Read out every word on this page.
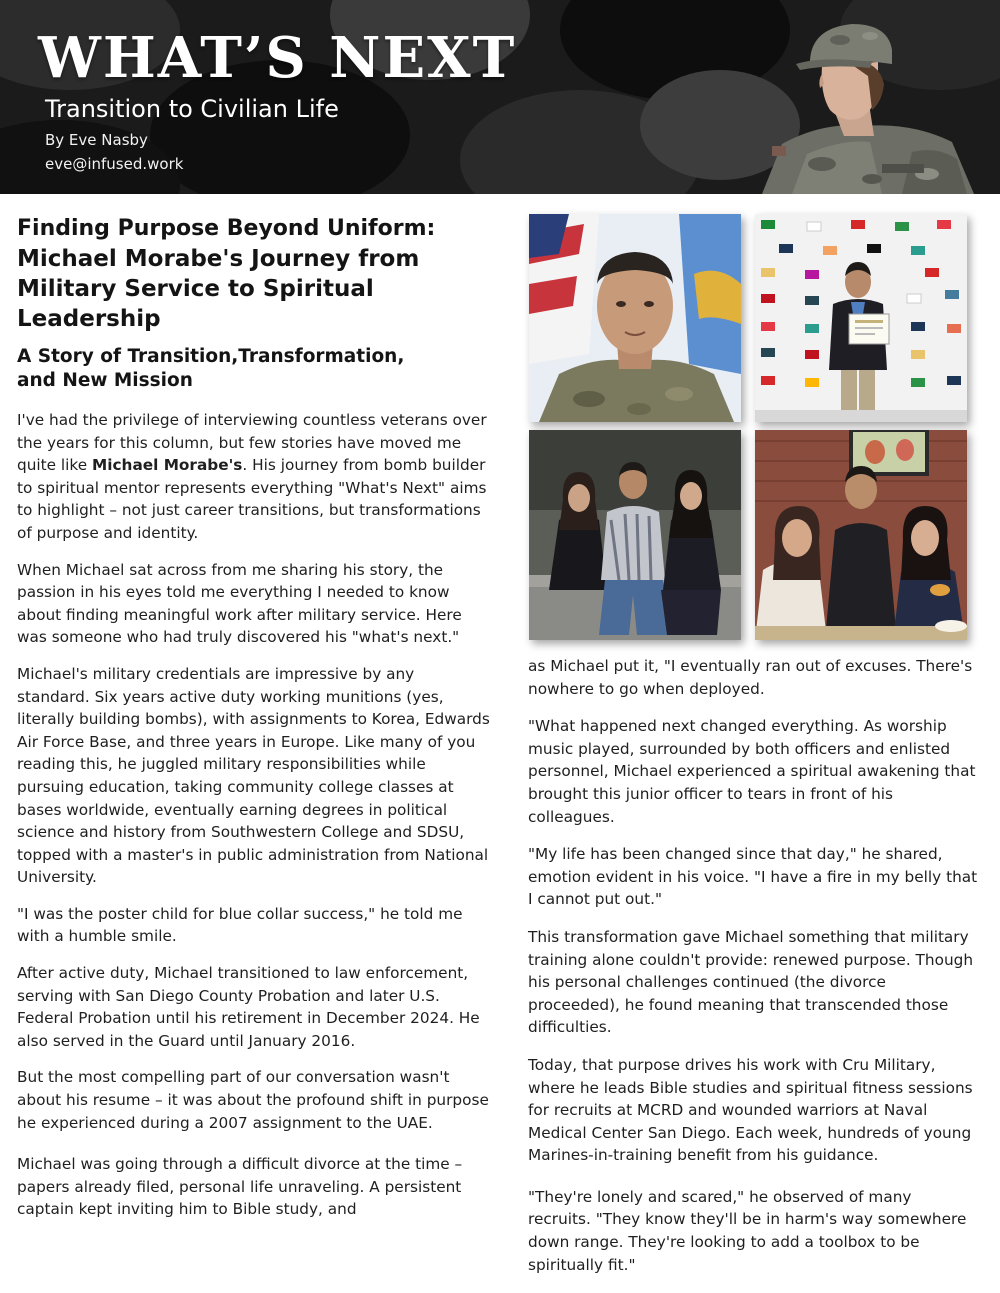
WHAT’S NEXT
Transition to Civilian Life
By Eve Nasby
eve@infused.work
Finding Purpose Beyond Uniform:
Michael Morabe's Journey from Military Service to Spiritual Leadership
A Story of Transition,Transformation, and New Mission

I've had the privilege of interviewing countless veterans over the years for this column, but few stories have moved me quite like Michael Morabe's. His journey from bomb builder to spiritual mentor represents everything "What's Next" aims to highlight – not just career transitions, but transformations of purpose and identity.

When Michael sat across from me sharing his story, the passion in his eyes told me everything I needed to know about finding meaningful work after military service. Here was someone who had truly discovered his "what's next."

Michael's military credentials are impressive by any standard. Six years active duty working munitions (yes, literally building bombs), with assignments to Korea, Edwards Air Force Base, and three years in Europe. Like many of you reading this, he juggled military responsibilities while pursuing education, taking community college classes at bases worldwide, eventually earning degrees in political science and history from Southwestern College and SDSU, topped with a master's in public administration from National University.

"I was the poster child for blue collar success," he told me with a humble smile.

After active duty, Michael transitioned to law enforcement, serving with San Diego County Probation and later U.S. Federal Probation until his retirement in December 2024. He also served in the Guard until January 2016.

But the most compelling part of our conversation wasn't about his resume – it was about the profound shift in purpose he experienced during a 2007 assignment to the UAE.

Michael was going through a difficult divorce at the time – papers already filed, personal life unraveling. A persistent captain kept inviting him to Bible study, and

as Michael put it, "I eventually ran out of excuses. There's nowhere to go when deployed.

"What happened next changed everything. As worship music played, surrounded by both officers and enlisted personnel, Michael experienced a spiritual awakening that brought this junior officer to tears in front of his colleagues.

"My life has been changed since that day," he shared, emotion evident in his voice. "I have a fire in my belly that I cannot put out."

This transformation gave Michael something that military training alone couldn't provide: renewed purpose. Though his personal challenges continued (the divorce proceeded), he found meaning that transcended those difficulties.

Today, that purpose drives his work with Cru Military, where he leads Bible studies and spiritual fitness sessions for recruits at MCRD and wounded warriors at Naval Medical Center San Diego. Each week, hundreds of young Marines-in-training benefit from his guidance.

"They're lonely and scared," he observed of many recruits. "They know they'll be in harm's way somewhere down range. They're looking to add a toolbox to be spiritually fit."
